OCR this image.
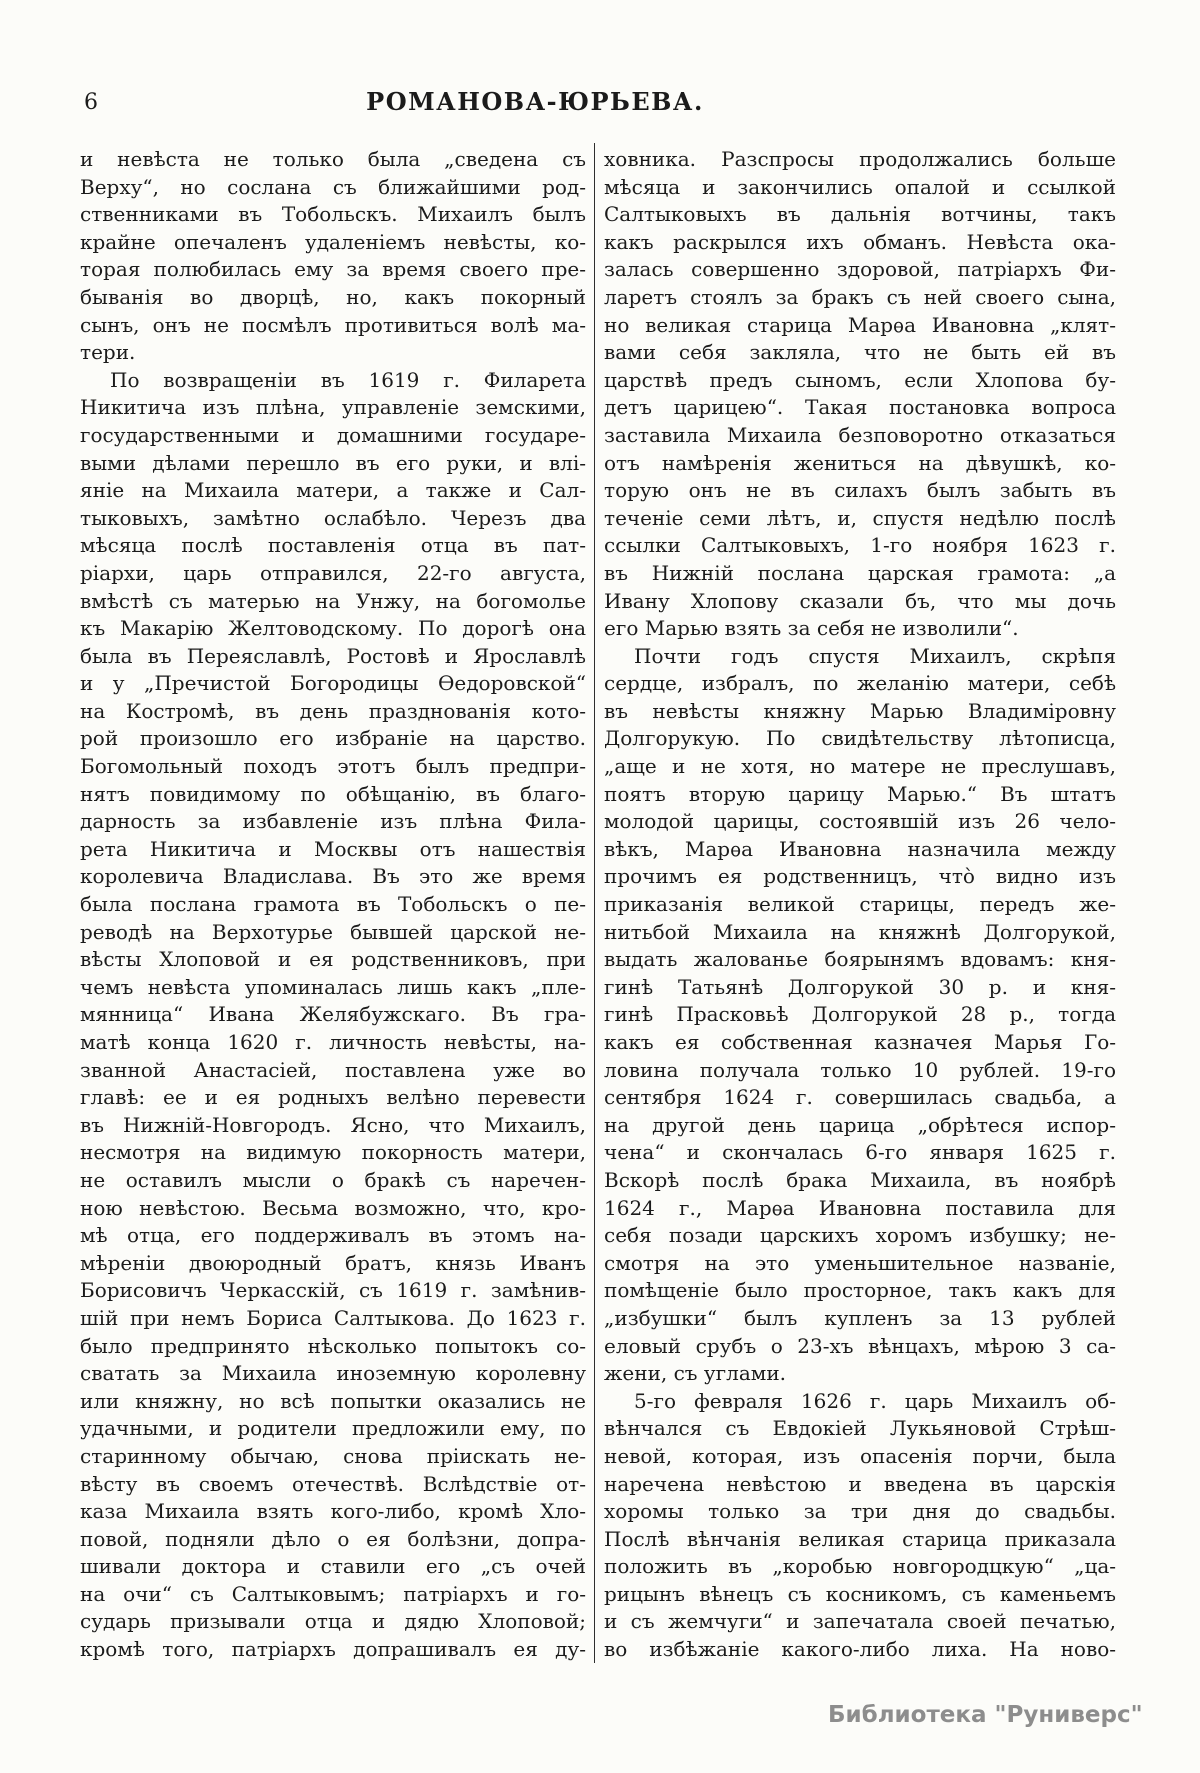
6	РОМАНОВА-ЮРЬЕВА.
и невѣста не только была „сведена съ
Верху“, но сослана съ ближайшими род-
ственниками въ Тобольскъ. Михаилъ былъ
крайне опечаленъ удаленіемъ невѣсты, ко-
торая полюбилась ему за время своего пре-
быванія во дворцѣ, но, какъ покорный
сынъ, онъ не посмѣлъ противиться волѣ ма-
тери.
По возвращеніи въ 1619 г. Филарета
Никитича изъ плѣна, управленіе земскими,
государственными и домашними государе-
выми дѣлами перешло въ его руки, и влі-
яніе на Михаила матери, а также и Сал-
тыковыхъ, замѣтно ослабѣло. Черезъ два
мѣсяца послѣ поставленія отца въ пат-
ріархи, царь отправился, 22-го августа,
вмѣстѣ съ матерью на Унжу, на богомолье
къ Макарію Желтоводскому. По дорогѣ она
была въ Переяславлѣ, Ростовѣ и Ярославлѣ
и у „Пречистой Богородицы Ѳедоровской“
на Костромѣ, въ день празднованія кото-
рой произошло его избраніе на царство.
Богомольный походъ этотъ былъ предпри-
нятъ повидимому по обѣщанію, въ благо-
дарность за избавленіе изъ плѣна Фила-
рета Никитича и Москвы отъ нашествія
королевича Владислава. Въ это же время
была послана грамота въ Тобольскъ о пе-
реводѣ на Верхотурье бывшей царской не-
вѣсты Хлоповой и ея родственниковъ, при
чемъ невѣста упоминалась лишь какъ „пле-
мянница“ Ивана Желябужскаго. Въ гра-
матѣ конца 1620 г. личность невѣсты, на-
званной Анастасіей, поставлена уже во
главѣ: ее и ея родныхъ велѣно перевести
въ Нижній-Новгородъ. Ясно, что Михаилъ,
несмотря на видимую покорность матери,
не оставилъ мысли о бракѣ съ наречен-
ною невѣстою. Весьма возможно, что, кро-
мѣ отца, его поддерживалъ въ этомъ на-
мѣреніи двоюродный братъ, князь Иванъ
Борисовичъ Черкасскій, съ 1619 г. замѣнив-
шій при немъ Бориса Салтыкова. До 1623 г.
было предпринято нѣсколько попытокъ со-
сватать за Михаила иноземную королевну
или княжну, но всѣ попытки оказались не
удачными, и родители предложили ему, по
старинному обычаю, снова пріискать не-
вѣсту въ своемъ отечествѣ. Вслѣдствіе от-
каза Михаила взять кого-либо, кромѣ Хло-
повой, подняли дѣло о ея болѣзни, допра-
шивали доктора и ставили его „съ очей
на очи“ съ Салтыковымъ; патріархъ и го-
сударь призывали отца и дядю Хлоповой;
кромѣ того, патріархъ допрашивалъ ея ду-
ховника. Разспросы продолжались больше
мѣсяца и закончились опалой и ссылкой
Салтыковыхъ въ дальнія вотчины, такъ
какъ раскрылся ихъ обманъ. Невѣста ока-
залась совершенно здоровой, патріархъ Фи-
ларетъ стоялъ за бракъ съ ней своего сына,
но великая старица Марѳа Ивановна „клят-
вами себя закляла, что не быть ей въ
царствѣ предъ сыномъ, если Хлопова бу-
детъ царицею“. Такая постановка вопроса
заставила Михаила безповоротно отказаться
отъ намѣренія жениться на дѣвушкѣ, ко-
торую онъ не въ силахъ былъ забыть въ
теченіе семи лѣтъ, и, спустя недѣлю послѣ
ссылки Салтыковыхъ, 1-го ноября 1623 г.
въ Нижній послана царская грамота: „а
Ивану Хлопову сказали бъ, что мы дочь
его Марью взять за себя не изволили“.
Почти годъ спустя Михаилъ, скрѣпя
сердце, избралъ, по желанію матери, себѣ
въ невѣсты княжну Марью Владиміровну
Долгорукую. По свидѣтельству лѣтописца,
„аще и не хотя, но матере не преслушавъ,
поятъ вторую царицу Марью.“ Въ штатъ
молодой царицы, состоявшій изъ 26 чело-
вѣкъ, Марѳа Ивановна назначила между
прочимъ ея родственницъ, что̀ видно изъ
приказанія великой старицы, передъ же-
нитьбой Михаила на княжнѣ Долгорукой,
выдать жалованье боярынямъ вдовамъ: кня-
гинѣ Татьянѣ Долгорукой 30 р. и кня-
гинѣ Прасковьѣ Долгорукой 28 р., тогда
какъ ея собственная казначея Марья Го-
ловина получала только 10 рублей. 19-го
сентября 1624 г. совершилась свадьба, а
на другой день царица „обрѣтеся испор-
чена“ и скончалась 6-го января 1625 г.
Вскорѣ послѣ брака Михаила, въ ноябрѣ
1624 г., Марѳа Ивановна поставила для
себя позади царскихъ хоромъ избушку; не-
смотря на это уменьшительное названіе,
помѣщеніе было просторное, такъ какъ для
„избушки“ былъ купленъ за 13 рублей
еловый срубъ о 23-хъ вѣнцахъ, мѣрою 3 са-
жени, съ углами.
5-го февраля 1626 г. царь Михаилъ об-
вѣнчался съ Евдокіей Лукьяновой Стрѣш-
невой, которая, изъ опасенія порчи, была
наречена невѣстою и введена въ царскія
хоромы только за три дня до свадьбы.
Послѣ вѣнчанія великая старица приказала
положить въ „коробью новгородцкую“ „ца-
рицынъ вѣнецъ съ косникомъ, съ каменьемъ
и съ жемчуги“ и запечатала своей печатью,
во избѣжаніе какого-либо лиха. На ново-
Библиотека "Руниверс"
